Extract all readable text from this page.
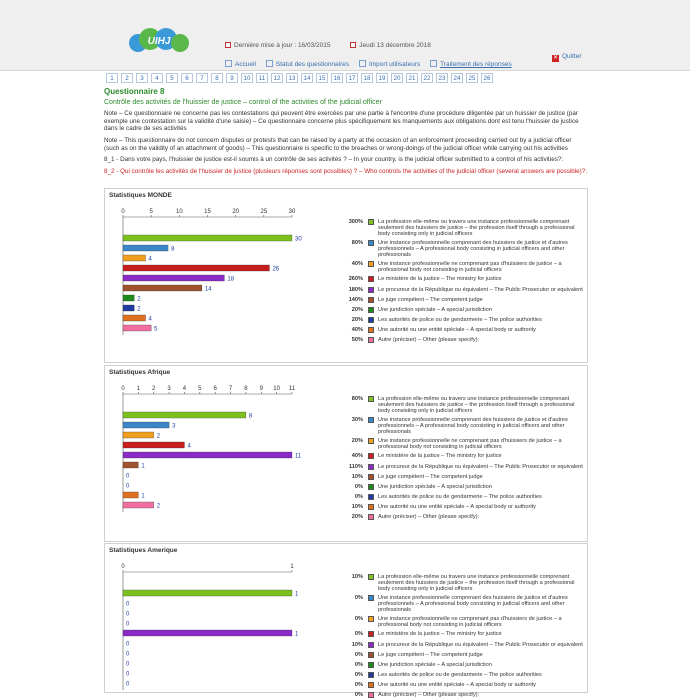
UIHJ	Dernière mise à jour : 16/03/2015	Jeudi 13 décembre 2018
✕ Quitter
Accueil	Statut des questionnaires	Import utilisateurs	Traitement des réponses
1	2	3	4	5	6	7	8	9	10	11	12	13	14	15	16	17	18	19	20	21	22	23	24	25	26
Questionnaire 8
Contrôle des activités de l'huissier de justice – control of the activities of the judicial officer
Note – Ce questionnaire ne concerne pas les contestations qui peuvent être exercées par une partie à l'encontre d'une procédure diligentée par un huissier de justice (par exemple une contestation sur la validité d'une saisie) – Ce questionnaire concerne plus spécifiquement les manquements aux obligations dont est tenu l'huissier de justice dans le cadre de ses activités
Note – This questionnaire do not concern disputes or protests that can be raised by a party at the occasion of an enforcement proceeding carried out by a judicial officer (such as on the validity of an attachment of goods) – This questionnaire is specific to the breaches or wrong-doings of the judicial officer while carrying out his activities
8_1 - Dans votre pays, l'huissier de justice est-il soumis à un contrôle de ses activités ? – In your country, is the judicial officer submitted to a control of his activities?:
8_2 - Qui contrôle les activités de l'huissier de justice (plusieurs réponses sont possibles) ? – Who controls the activities of the judicial officer (several answers are possible)?:
Statistiques MONDE
0	5	10	15	20	25	30
30
8
4
26
18
14
2
2
4
5
300%	La profession elle-même ou travers une instance professionnelle comprenant seulement des huissiers de justice – the profession itself through a professional body consisting only in judicial officers
80%	Une instance professionnelle comprenant des huissiers de justice et d'autres professionnels – A professional body consisting in judicial officers and other professionals
40%	Une instance professionnelle ne comprenant pas d'huissiers de justice – a professional body not consisting in judicial officers
260%	Le ministère de la justice – The ministry for justice
180%	Le procureur de la République ou équivalent – The Public Prosecutor or equivalent
140%	Le juge compétent – The competent judge
20%	Une juridiction spéciale – A special jurisdiction
20%	Les autorités de police ou de gendarmerie – The police authorities
40%	Une autorité ou une entité spéciale – A special body or authority
50%	Autre (préciser) – Other (please specify):
Statistiques Afrique
0 1 2 3 4 5 6 7 8 9 10 11
8
3
2
4
11
1
0
0
1
2
80%	La profession elle-même ou travers une instance professionnelle comprenant seulement des huissiers de justice – the profession itself through a professional body consisting only in judicial officers
30%	Une instance professionnelle comprenant des huissiers de justice et d'autres professionnels – A professional body consisting in judicial officers and other professionals
20%	Une instance professionnelle ne comprenant pas d'huissiers de justice – a professional body not consisting in judicial officers
40%	Le ministère de la justice – The ministry for justice
110%	Le procureur de la République ou équivalent – The Public Prosecutor or equivalent
10%	Le juge compétent – The competent judge
0%	Une juridiction spéciale – A special jurisdiction
0%	Les autorités de police ou de gendarmerie – The police authorities
10%	Une autorité ou une entité spéciale – A special body or authority
20%	Autre (préciser) – Other (please specify):
Statistiques Amerique
0	1
1
0
0
0
1
0
0
0
0
0
10%	La profession elle-même ou travers une instance professionnelle comprenant seulement des huissiers de justice – the profession itself through a professional body consisting only in judicial officers
0%	Une instance professionnelle comprenant des huissiers de justice et d'autres professionnels – A professional body consisting in judicial officers and other professionals
0%	Une instance professionnelle ne comprenant pas d'huissiers de justice – a professional body not consisting in judicial officers
0%	Le ministère de la justice – The ministry for justice
10%	Le procureur de la République ou équivalent – The Public Prosecutor or equivalent
0%	Le juge compétent – The competent judge
0%	Une juridiction spéciale – A special jurisdiction
0%	Les autorités de police ou de gendarmerie – The police authorities
0%	Une autorité ou une entité spéciale – A special body or authority
0%	Autre (préciser) – Other (please specify):
